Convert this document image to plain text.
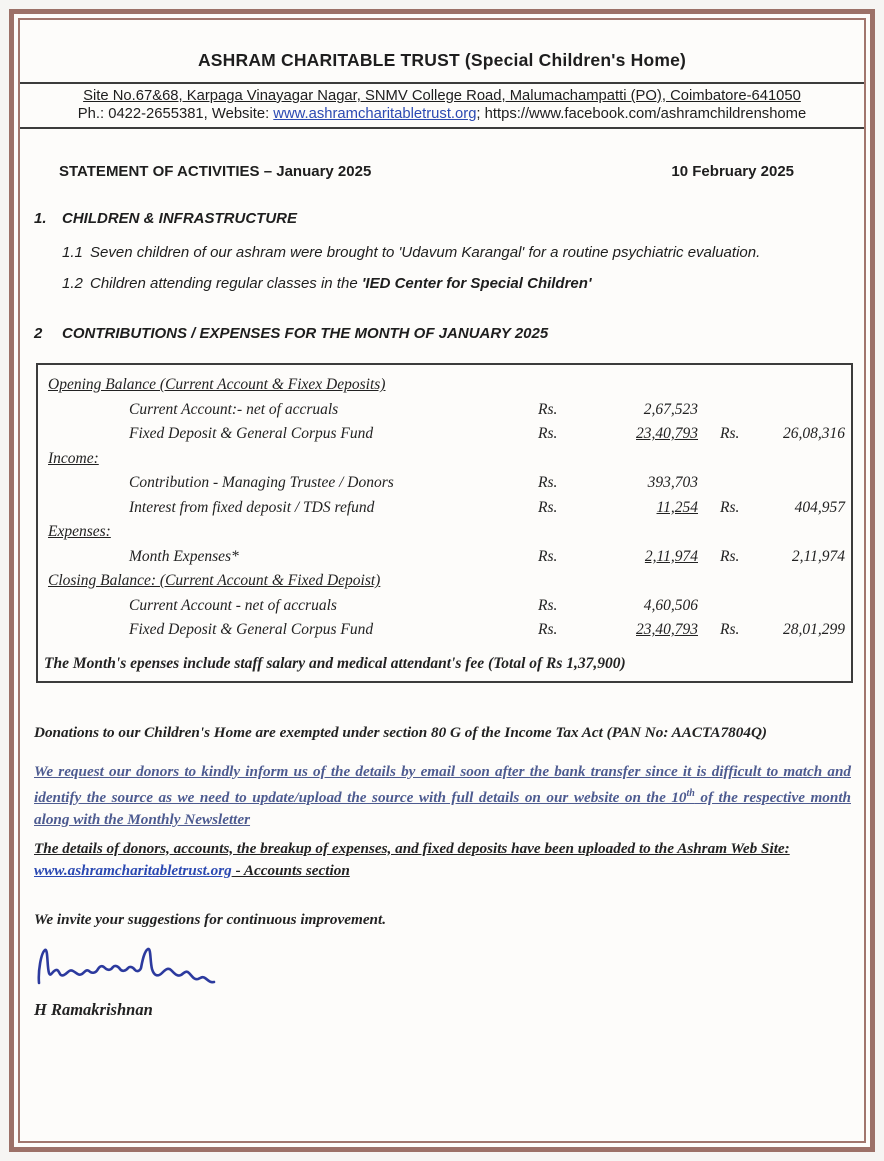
ASHRAM CHARITABLE TRUST (Special Children's Home)
Site No.67&68, Karpaga Vinayagar Nagar, SNMV College Road, Malumachampatti (PO), Coimbatore-641050
Ph.: 0422-2655381, Website: www.ashramcharitabletrust.org; https://www.facebook.com/ashramchildrenshome
STATEMENT OF ACTIVITIES – January 2025	10 February 2025
1.	CHILDREN & INFRASTRUCTURE
1.1 Seven children of our ashram were brought to 'Udavum Karangal' for a routine psychiatric evaluation.
1.2 Children attending regular classes in the 'IED Center for Special Children'
2	CONTRIBUTIONS / EXPENSES FOR THE MONTH OF JANUARY 2025
Opening Balance (Current Account & Fixex Deposits)
Current Account:- net of accruals	Rs.	2,67,523
Fixed Deposit & General Corpus Fund	Rs.	23,40,793 Rs.	26,08,316
Income:
Contribution - Managing Trustee / Donors	Rs.	393,703
Interest from fixed deposit / TDS refund	Rs.	11,254 Rs.	404,957
Expenses:
Month Expenses*	Rs.	2,11,974 Rs.	2,11,974
Closing Balance: (Current Account & Fixed Depoist)
Current Account - net of accruals	Rs.	4,60,506
Fixed Deposit & General Corpus Fund	Rs.	23,40,793 Rs.	28,01,299
The Month's epenses include staff salary and medical attendant's fee (Total of Rs 1,37,900)

Donations to our Children's Home are exempted under section 80 G of the Income Tax Act (PAN No: AACTA7804Q)

We request our donors to kindly inform us of the details by email soon after the bank transfer since it is difficult to match and identify the source as we need to update/upload the source with full details on our website on the 10th of the respective month along with the Monthly Newsletter

The details of donors, accounts, the breakup of expenses, and fixed deposits have been uploaded to the Ashram Web Site: www.ashramcharitabletrust.org - Accounts section

We invite your suggestions for continuous improvement.

H Ramakrishnan
